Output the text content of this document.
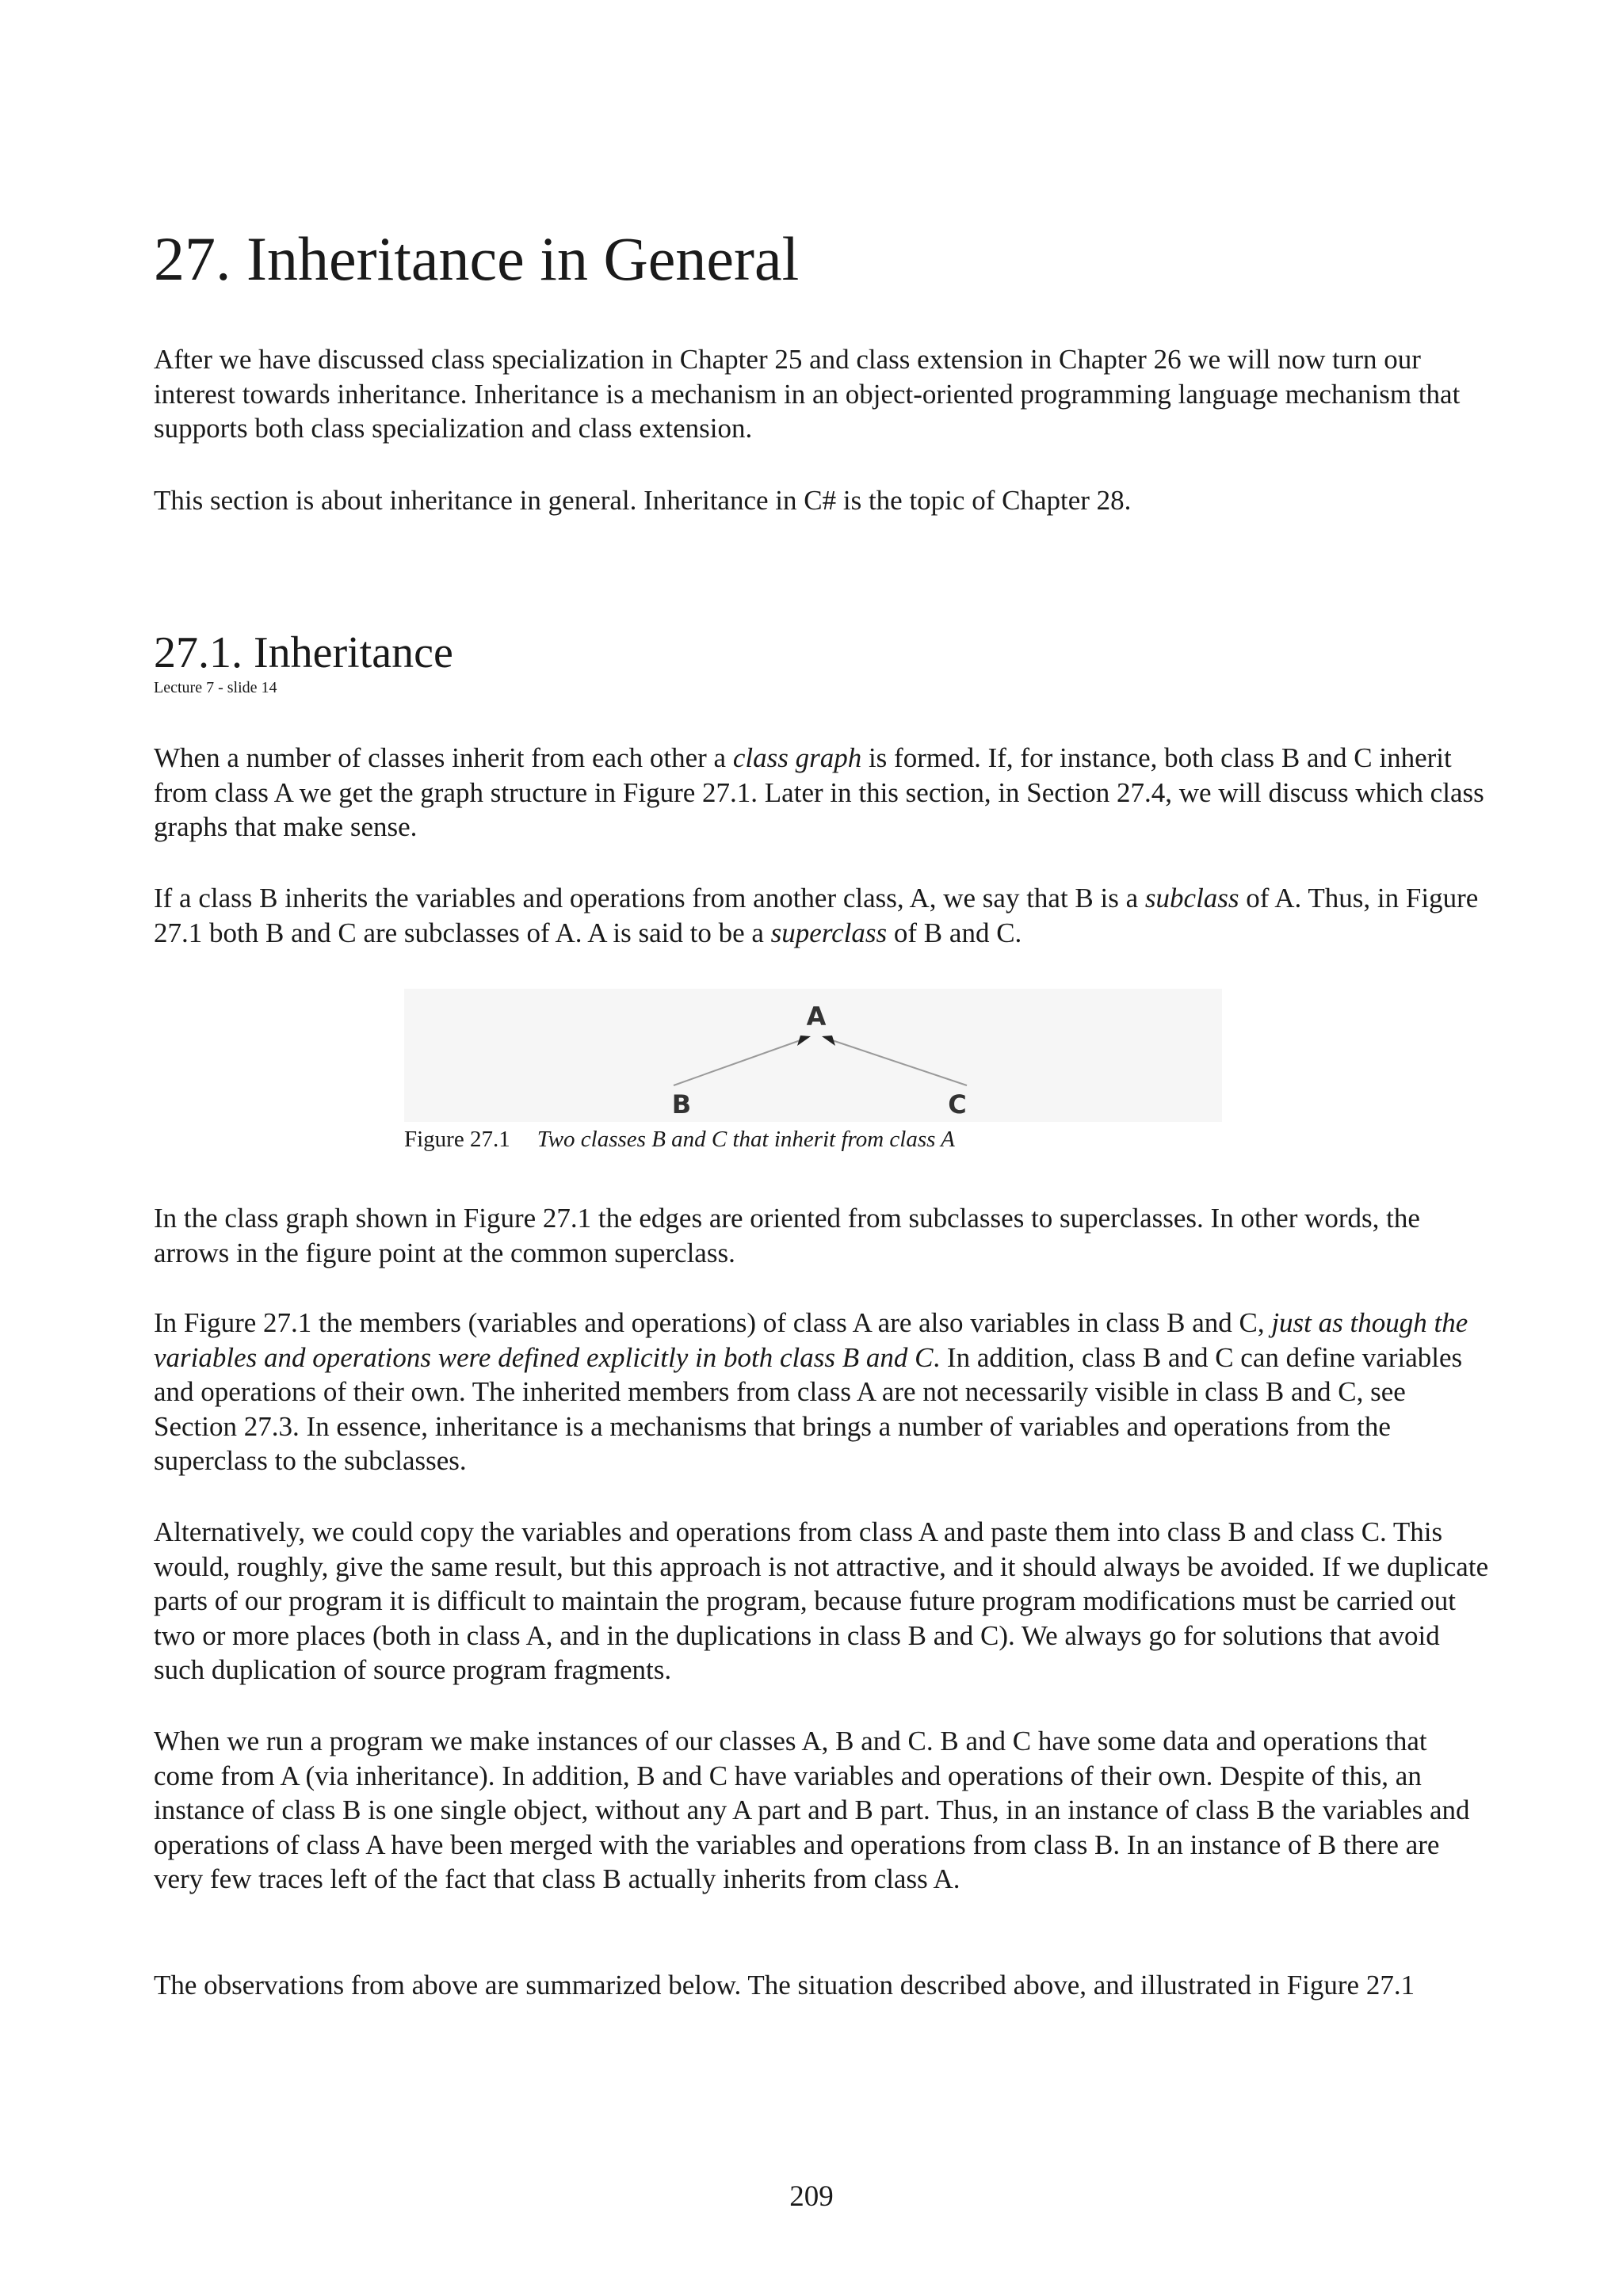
27. Inheritance in General

After we have discussed class specialization in Chapter 25 and class extension in Chapter 26 we will now turn our interest towards inheritance. Inheritance is a mechanism in an object-oriented programming language mechanism that supports both class specialization and class extension.

This section is about inheritance in general. Inheritance in C# is the topic of Chapter 28.

27.1. Inheritance
Lecture 7 - slide 14

When a number of classes inherit from each other a class graph is formed. If, for instance, both class B and C inherit from class A we get the graph structure in Figure 27.1. Later in this section, in Section 27.4, we will discuss which class graphs that make sense.

If a class B inherits the variables and operations from another class, A, we say that B is a subclass of A. Thus, in Figure 27.1 both B and C are subclasses of A. A is said to be a superclass of B and C.

A
B	C
Figure 27.1 Two classes B and C that inherit from class A

In the class graph shown in Figure 27.1 the edges are oriented from subclasses to superclasses. In other words, the arrows in the figure point at the common superclass.

In Figure 27.1 the members (variables and operations) of class A are also variables in class B and C, just as though the variables and operations were defined explicitly in both class B and C. In addition, class B and C can define variables and operations of their own. The inherited members from class A are not necessarily visible in class B and C, see Section 27.3. In essence, inheritance is a mechanisms that brings a number of variables and operations from the superclass to the subclasses.

Alternatively, we could copy the variables and operations from class A and paste them into class B and class C. This would, roughly, give the same result, but this approach is not attractive, and it should always be avoided. If we duplicate parts of our program it is difficult to maintain the program, because future program modifications must be carried out two or more places (both in class A, and in the duplications in class B and C). We always go for solutions that avoid such duplication of source program fragments.

When we run a program we make instances of our classes A, B and C. B and C have some data and operations that come from A (via inheritance). In addition, B and C have variables and operations of their own. Despite of this, an instance of class B is one single object, without any A part and B part. Thus, in an instance of class B the variables and operations of class A have been merged with the variables and operations from class B. In an instance of B there are very few traces left of the fact that class B actually inherits from class A.

The observations from above are summarized below. The situation described above, and illustrated in Figure 27.1

209
